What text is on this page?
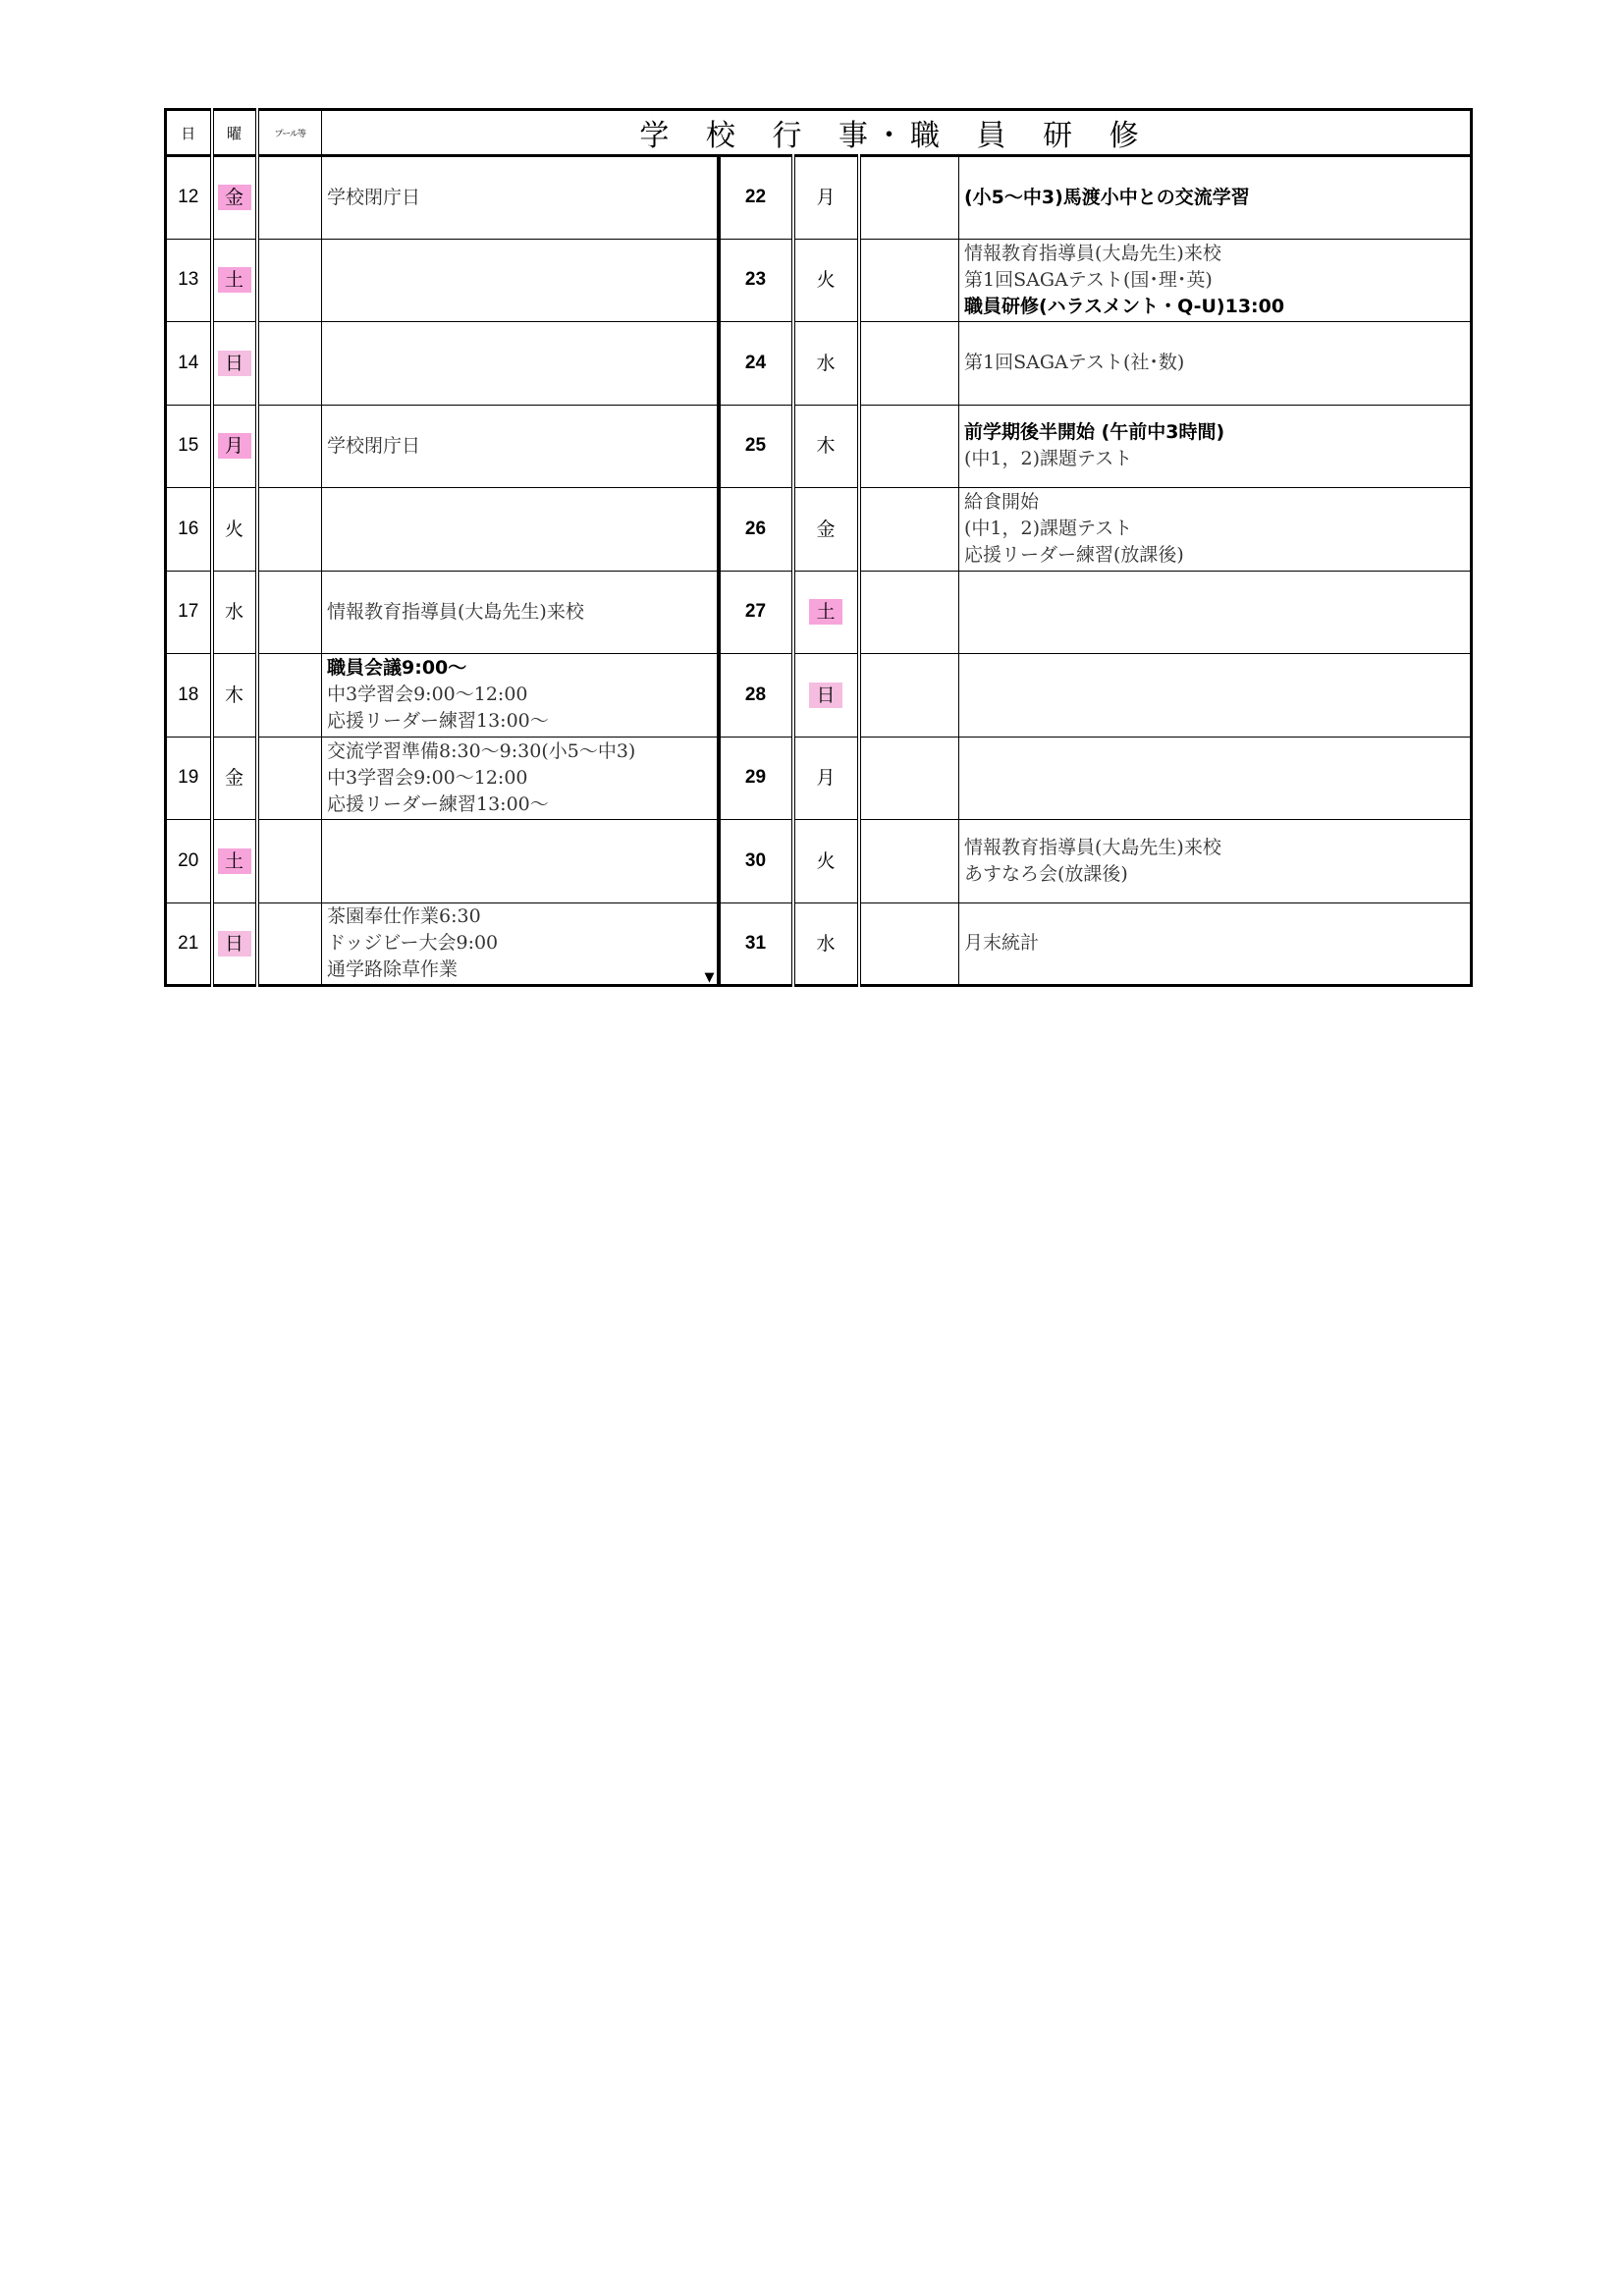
日	曜	プール等	学 校 行 事･職 員 研 修				
12	金		学校閉庁日	22	月		(小5～中3)馬渡小中との交流学習

13	土			23	火		情報教育指導員(大島先生)来校
第1回SAGAテスト(国･理･英)
職員研修(ハラスメント・Q-U)13:00

14	日			24	水		第1回SAGAテスト(社･数)

15	月		学校閉庁日	25	木		前学期後半開始 (午前中3時間)
(中1，2)課題テスト

16	火			26	金		給食開始
(中1，2)課題テスト
応援リーダー練習(放課後)

17	水		情報教育指導員(大島先生)来校	27	土		
18	木		職員会議9:00～
中3学習会9:00～12:00
応援リーダー練習13:00～	28	日		
19	金		交流学習準備8:30～9:30(小5～中3)
中3学習会9:00～12:00
応援リーダー練習13:00～	29	月		
20	土			30	火		情報教育指導員(大島先生)来校
あすなろ会(放課後)

21	日		茶園奉仕作業6:30
ドッジビー大会9:00
通学路除草作業 ▼	31	水		月末統計
